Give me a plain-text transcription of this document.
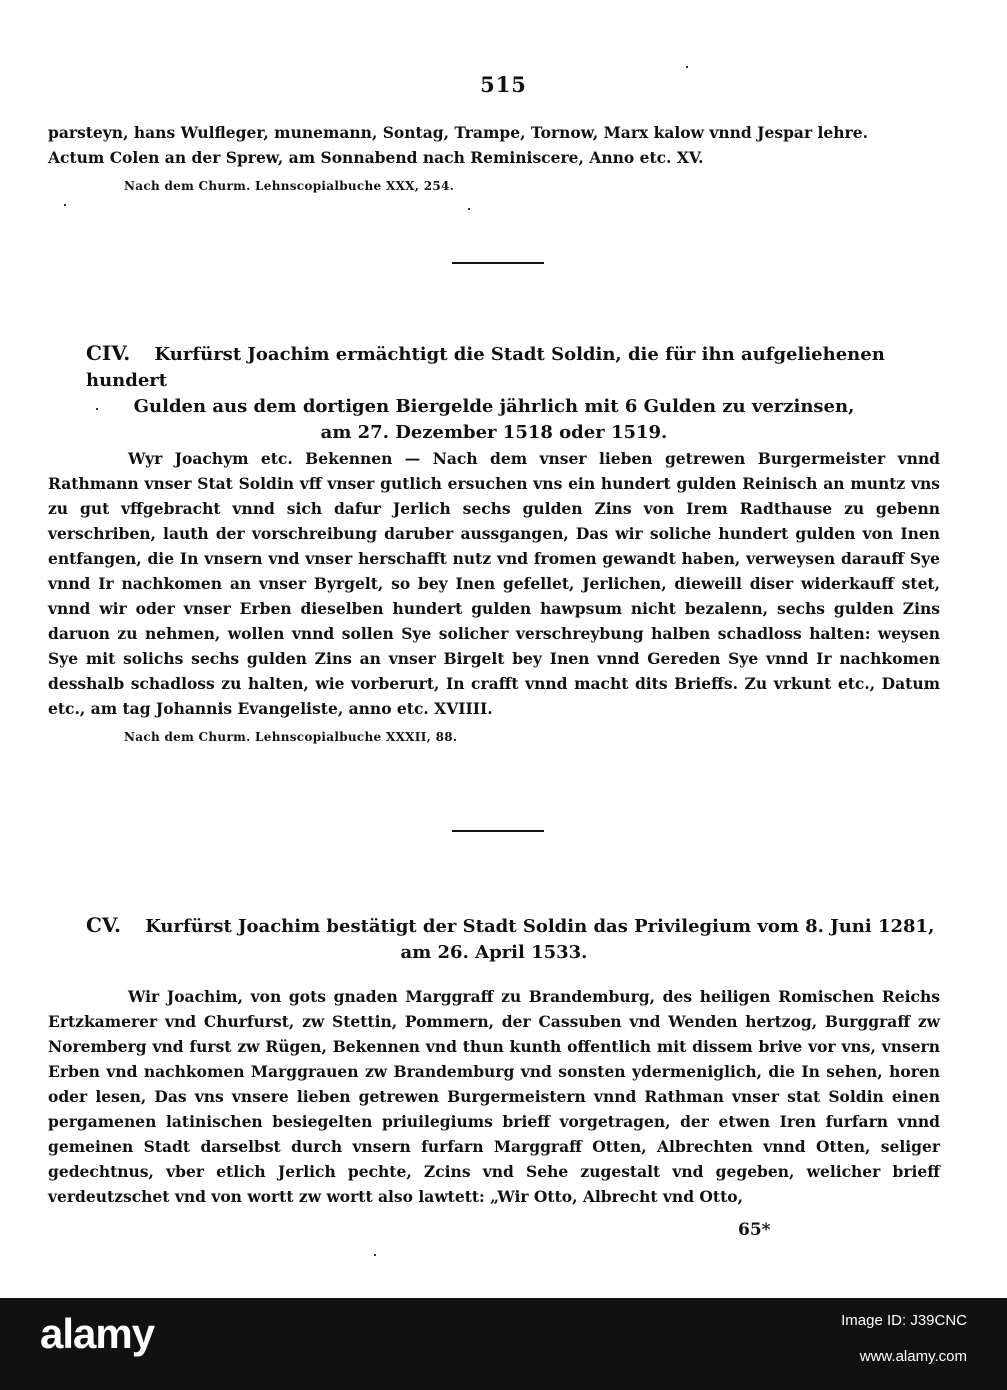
515

parsteyn, hans Wulfleger, munemann, Sontag, Trampe, Tornow, Marx kalow vnnd Jespar lehre.

Actum Colen an der Sprew, am Sonnabend nach Reminiscere, Anno etc. XV.

Nach dem Churm. Lehnscopialbuche XXX, 254.

CIV. Kurfürst Joachim ermächtigt die Stadt Soldin, die für ihn aufgeliehenen hundert
Gulden aus dem dortigen Biergelde jährlich mit 6 Gulden zu verzinsen,
am 27. Dezember 1518 oder 1519.

Wyr Joachym etc. Bekennen — Nach dem vnser lieben getrewen Burgermeister vnnd Rathmann vnser Stat Soldin vff vnser gutlich ersuchen vns ein hundert gulden Reinisch an muntz vns zu gut vffgebracht vnnd sich dafur Jerlich sechs gulden Zins von Irem Radthause zu gebenn verschriben, lauth der vorschreibung daruber aussgangen, Das wir soliche hundert gulden von Inen entfangen, die In vnsern vnd vnser herschafft nutz vnd fromen gewandt haben, verweysen darauff Sye vnnd Ir nachkomen an vnser Byrgelt, so bey Inen gefellet, Jerlichen, dieweill diser widerkauff stet, vnnd wir oder vnser Erben dieselben hundert gulden hawpsum nicht bezalenn, sechs gulden Zins daruon zu nehmen, wollen vnnd sollen Sye solicher verschreybung halben schadloss halten: weysen Sye mit solichs sechs gulden Zins an vnser Birgelt bey Inen vnnd Gereden Sye vnnd Ir nachkomen desshalb schadloss zu halten, wie vorberurt, In crafft vnnd macht dits Brieffs. Zu vrkunt etc., Datum etc., am tag Johannis Evangeliste, anno etc. XVIIII.

Nach dem Churm. Lehnscopialbuche XXXII, 88.

CV. Kurfürst Joachim bestätigt der Stadt Soldin das Privilegium vom 8. Juni 1281,
am 26. April 1533.

Wir Joachim, von gots gnaden Marggraff zu Brandemburg, des heiligen Romischen Reichs Ertzkamerer vnd Churfurst, zw Stettin, Pommern, der Cassuben vnd Wenden hertzog, Burggraff zw Noremberg vnd furst zw Rügen, Bekennen vnd thun kunth offentlich mit dissem brive vor vns, vnsern Erben vnd nachkomen Marggrauen zw Brandemburg vnd sonsten ydermeniglich, die In sehen, horen oder lesen, Das vns vnsere lieben getrewen Burgermeistern vnnd Rathman vnser stat Soldin einen pergamenen latinischen besiegelten priuilegiums brieff vorgetragen, der etwen Iren furfarn vnnd gemeinen Stadt darselbst durch vnsern furfarn Marggraff Otten, Albrechten vnnd Otten, seliger gedechtnus, vber etlich Jerlich pechte, Zcins vnd Sehe zugestalt vnd gegeben, welicher brieff verdeutzschet vnd von wortt zw wortt also lawtett: „Wir Otto, Albrecht vnd Otto,

65*
alamy	Image ID: J39CNC
www.alamy.com
